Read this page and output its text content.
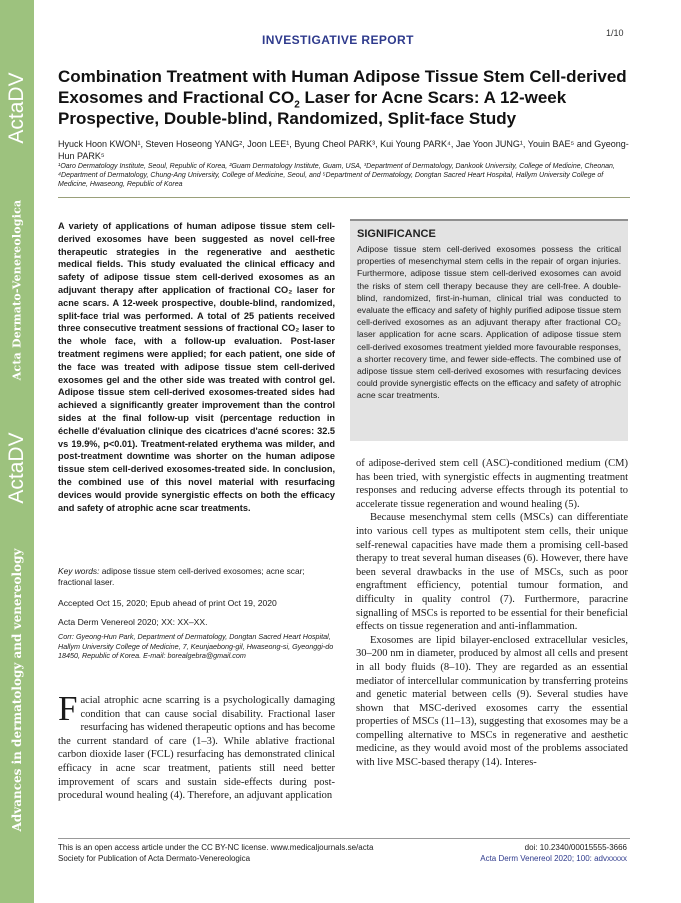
ActaDV
Acta Dermato-Venereologica
ActaDV
Advances in dermatology and venereology
INVESTIGATIVE REPORT	1/10
Combination Treatment with Human Adipose Tissue Stem Cell-derived Exosomes and Fractional $CO_2$ Laser for Acne Scars: A 12-week Prospective, Double-blind, Randomized, Split-face Study
Hyuck Hoon KWON¹, Steven Hoseong YANG², Joon LEE¹, Byung Cheol PARK³, Kui Young PARK⁴, Jae Yoon JUNG¹, Youin BAE⁵ and Gyeong-Hun PARK⁵
¹Oaro Dermatology Institute, Seoul, Republic of Korea, ²Guam Dermatology Institute, Guam, USA, ³Department of Dermatology, Dankook University, College of Medicine, Cheonan, ⁴Department of Dermatology, Chung-Ang University, College of Medicine, Seoul, and ⁵Department of Dermatology, Dongtan Sacred Heart Hospital, Hallym University College of Medicine, Hwaseong, Republic of Korea
A variety of applications of human adipose tissue stem cell-derived exosomes have been suggested as novel cell-free therapeutic strategies in the regenerative and aesthetic medical fields. This study evaluated the clinical efficacy and safety of adipose tissue stem cell-derived exosomes as an adjuvant therapy after application of fractional CO₂ laser for acne scars. A 12-week prospective, double-blind, randomized, split-face trial was performed. A total of 25 patients received three consecutive treatment sessions of fractional CO₂ laser to the whole face, with a follow-up evaluation. Post-laser treatment regimens were applied; for each patient, one side of the face was treated with adipose tissue stem cell-derived exosomes gel and the other side was treated with control gel. Adipose tissue stem cell-derived exosomes-treated sides had achieved a significantly greater improvement than the control sides at the final follow-up visit (percentage reduction in échelle d'évaluation clinique des cicatrices d'acné scores: 32.5 vs 19.9%, p<0.01). Treatment-related erythema was milder, and post-treatment downtime was shorter on the human adipose tissue stem cell-derived exosomes-treated side. In conclusion, the combined use of this novel material with resurfacing devices would provide synergistic effects on both the efficacy and safety of atrophic acne scar treatments.
Key words: adipose tissue stem cell-derived exosomes; acne scar; fractional laser.
Accepted Oct 15, 2020; Epub ahead of print Oct 19, 2020
Acta Derm Venereol 2020; XX: XX–XX.
Corr: Gyeong-Hun Park, Department of Dermatology, Dongtan Sacred Heart Hospital, Hallym University College of Medicine, 7, Keunjaebong-gil, Hwaseong-si, Gyeonggi-do 18450, Republic of Korea. E-mail: borealgebra@gmail.com
Facial atrophic acne scarring is a psychologically damaging condition that can cause social disability. Fractional laser resurfacing has widened therapeutic options and has become the current standard of care (1–3). While ablative fractional carbon dioxide laser (FCL) resurfacing has demonstrated clinical efficacy in acne scar treatment, patients still need better improvement of scars and sustain side-effects during post-procedural wound healing (4). Therefore, an adjuvant application
SIGNIFICANCE
Adipose tissue stem cell-derived exosomes possess the critical properties of mesenchymal stem cells in the repair of organ injuries. Furthermore, adipose tissue stem cell-derived exosomes can avoid the risks of stem cell therapy because they are cell-free. A double-blind, randomized, first-in-human, clinical trial was conducted to evaluate the efficacy and safety of highly purified adipose tissue stem cell-derived exosomes as an adjuvant therapy after fractional CO₂ laser application for acne scars. Application of adipose tissue stem cell-derived exosomes treatment yielded more favourable responses, a shorter recovery time, and fewer side-effects. The combined use of adipose tissue stem cell-derived exosomes with resurfacing devices could provide synergistic effects on the efficacy and safety of atrophic acne scar treatments.

of adipose-derived stem cell (ASC)-conditioned medium (CM) has been tried, with synergistic effects in augmenting treatment responses and reducing adverse effects through its potential to accelerate tissue regeneration and wound healing (5).

Because mesenchymal stem cells (MSCs) can differentiate into various cell types as multipotent stem cells, their unique self-renewal capacities have made them a promising cell-based therapy to treat several human diseases (6). However, there have been several drawbacks in the use of MSCs, such as poor engraftment efficiency, potential tumour formation, and difficulty in quality control (7). Furthermore, paracrine signalling of MSCs is reported to be essential for their beneficial effects on tissue regeneration and anti-inflammation.

Exosomes are lipid bilayer-enclosed extracellular vesicles, 30–200 nm in diameter, produced by almost all cells and present in all body fluids (8–10). They are regarded as an essential mediator of intercellular communication by transferring proteins and genetic material between cells (9). Several studies have shown that MSC-derived exosomes carry the essential properties of MSCs (11–13), suggesting that exosomes may be a compelling alternative to MSCs in regenerative and aesthetic medicine, as they would avoid most of the problems associated with live MSC-based therapy (14). Interes-

This is an open access article under the CC BY-NC license. www.medicaljournals.se/acta
Society for Publication of Acta Dermato-Venereologica
doi: 10.2340/00015555-3666
Acta Derm Venereol 2020; 100: advxxxxx
